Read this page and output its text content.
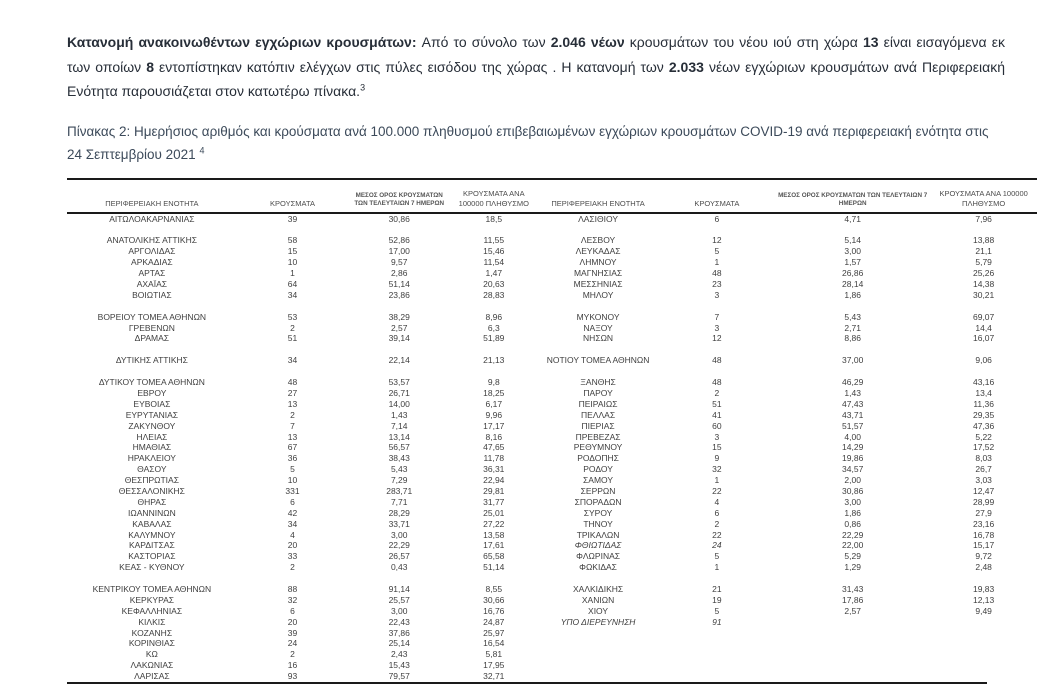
Κατανομή ανακοινωθέντων εγχώριων κρουσμάτων: Από το σύνολο των 2.046 νέων κρουσμάτων του νέου ιού στη χώρα 13 είναι εισαγόμενα εκ των οποίων 8 εντοπίστηκαν κατόπιν ελέγχων στις πύλες εισόδου της χώρας . Η κατανομή των 2.033 νέων εγχώριων κρουσμάτων ανά Περιφερειακή Ενότητα παρουσιάζεται στον κατωτέρω πίνακα.$^3$

Πίνακας 2: Ημερήσιος αριθμός και κρούσματα ανά 100.000 πληθυσμού επιβεβαιωμένων εγχώριων κρουσμάτων COVID-19 ανά περιφερειακή ενότητα στις 24 Σεπτεμβρίου 2021 $^4$

ΠΕΡΙΦΕΡΕΙΑΚΗ ΕΝΟΤΗΤΑ	ΚΡΟΥΣΜΑΤΑ	ΜΕΣΟΣ ΟΡΟΣ ΚΡΟΥΣΜΑΤΩΝ ΤΩΝ ΤΕΛΕΥΤΑΙΩΝ 7 ΗΜΕΡΩΝ	ΚΡΟΥΣΜΑΤΑ ΑΝΑ 100000 ΠΛΗΘΥΣΜΟ	ΠΕΡΙΦΕΡΕΙΑΚΗ ΕΝΟΤΗΤΑ	ΚΡΟΥΣΜΑΤΑ	ΜΕΣΟΣ ΟΡΟΣ ΚΡΟΥΣΜΑΤΩΝ ΤΩΝ ΤΕΛΕΥΤΑΙΩΝ 7 ΗΜΕΡΩΝ	ΚΡΟΥΣΜΑΤΑ ΑΝΑ 100000 ΠΛΗΘΥΣΜΟ
ΑΙΤΩΛΟΑΚΑΡΝΑΝΙΑΣ	39	30,86	18,5	ΛΑΣΙΘΙΟΥ	6	4,71	7,96

ΑΝΑΤΟΛΙΚΗΣ ΑΤΤΙΚΗΣ	58	52,86	11,55	ΛΕΣΒΟΥ	12	5,14	13,88
ΑΡΓΟΛΙΔΑΣ	15	17,00	15,46	ΛΕΥΚΑΔΑΣ	5	3,00	21,1
ΑΡΚΑΔΙΑΣ	10	9,57	11,54	ΛΗΜΝΟΥ	1	1,57	5,79
ΑΡΤΑΣ	1	2,86	1,47	ΜΑΓΝΗΣΙΑΣ	48	26,86	25,26
ΑΧΑΪΑΣ	64	51,14	20,63	ΜΕΣΣΗΝΙΑΣ	23	28,14	14,38
ΒΟΙΩΤΙΑΣ	34	23,86	28,83	ΜΗΛΟΥ	3	1,86	30,21

ΒΟΡΕΙΟΥ ΤΟΜΕΑ ΑΘΗΝΩΝ	53	38,29	8,96	ΜΥΚΟΝΟΥ	7	5,43	69,07
ΓΡΕΒΕΝΩΝ	2	2,57	6,3	ΝΑΞΟΥ	3	2,71	14,4
ΔΡΑΜΑΣ	51	39,14	51,89	ΝΗΣΩΝ	12	8,86	16,07

ΔΥΤΙΚΗΣ ΑΤΤΙΚΗΣ	34	22,14	21,13	ΝΟΤΙΟΥ ΤΟΜΕΑ ΑΘΗΝΩΝ	48	37,00	9,06

ΔΥΤΙΚΟΥ ΤΟΜΕΑ ΑΘΗΝΩΝ	48	53,57	9,8	ΞΑΝΘΗΣ	48	46,29	43,16
ΕΒΡΟΥ	27	26,71	18,25	ΠΑΡΟΥ	2	1,43	13,4
ΕΥΒΟΙΑΣ	13	14,00	6,17	ΠΕΙΡΑΙΩΣ	51	47,43	11,36
ΕΥΡΥΤΑΝΙΑΣ	2	1,43	9,96	ΠΕΛΛΑΣ	41	43,71	29,35
ΖΑΚΥΝΘΟΥ	7	7,14	17,17	ΠΙΕΡΙΑΣ	60	51,57	47,36
ΗΛΕΙΑΣ	13	13,14	8,16	ΠΡΕΒΕΖΑΣ	3	4,00	5,22
ΗΜΑΘΙΑΣ	67	56,57	47,65	ΡΕΘΥΜΝΟΥ	15	14,29	17,52
ΗΡΑΚΛΕΙΟΥ	36	38,43	11,78	ΡΟΔΟΠΗΣ	9	19,86	8,03
ΘΑΣΟΥ	5	5,43	36,31	ΡΟΔΟΥ	32	34,57	26,7
ΘΕΣΠΡΩΤΙΑΣ	10	7,29	22,94	ΣΑΜΟΥ	1	2,00	3,03
ΘΕΣΣΑΛΟΝΙΚΗΣ	331	283,71	29,81	ΣΕΡΡΩΝ	22	30,86	12,47
ΘΗΡΑΣ	6	7,71	31,77	ΣΠΟΡΑΔΩΝ	4	3,00	28,99
ΙΩΑΝΝΙΝΩΝ	42	28,29	25,01	ΣΥΡΟΥ	6	1,86	27,9
ΚΑΒΑΛΑΣ	34	33,71	27,22	ΤΗΝΟΥ	2	0,86	23,16
ΚΑΛΥΜΝΟΥ	4	3,00	13,58	ΤΡΙΚΑΛΩΝ	22	22,29	16,78
ΚΑΡΔΙΤΣΑΣ	20	22,29	17,61	ΦΘΙΩΤΙΔΑΣ	24	22,00	15,17
ΚΑΣΤΟΡΙΑΣ	33	26,57	65,58	ΦΛΩΡΙΝΑΣ	5	5,29	9,72
ΚΕΑΣ - ΚΥΘΝΟΥ	2	0,43	51,14	ΦΩΚΙΔΑΣ	1	1,29	2,48

ΚΕΝΤΡΙΚΟΥ ΤΟΜΕΑ ΑΘΗΝΩΝ	88	91,14	8,55	ΧΑΛΚΙΔΙΚΗΣ	21	31,43	19,83
ΚΕΡΚΥΡΑΣ	32	25,57	30,66	ΧΑΝΙΩΝ	19	17,86	12,13
ΚΕΦΑΛΛΗΝΙΑΣ	6	3,00	16,76	ΧΙΟΥ	5	2,57	9,49
ΚΙΛΚΙΣ	20	22,43	24,87	ΥΠΟ ΔΙΕΡΕΥΝΗΣΗ	91		
ΚΟΖΑΝΗΣ	39	37,86	25,97				
ΚΟΡΙΝΘΙΑΣ	24	25,14	16,54				
ΚΩ	2	2,43	5,81				
ΛΑΚΩΝΙΑΣ	16	15,43	17,95				
ΛΑΡΙΣΑΣ	93	79,57	32,71				
